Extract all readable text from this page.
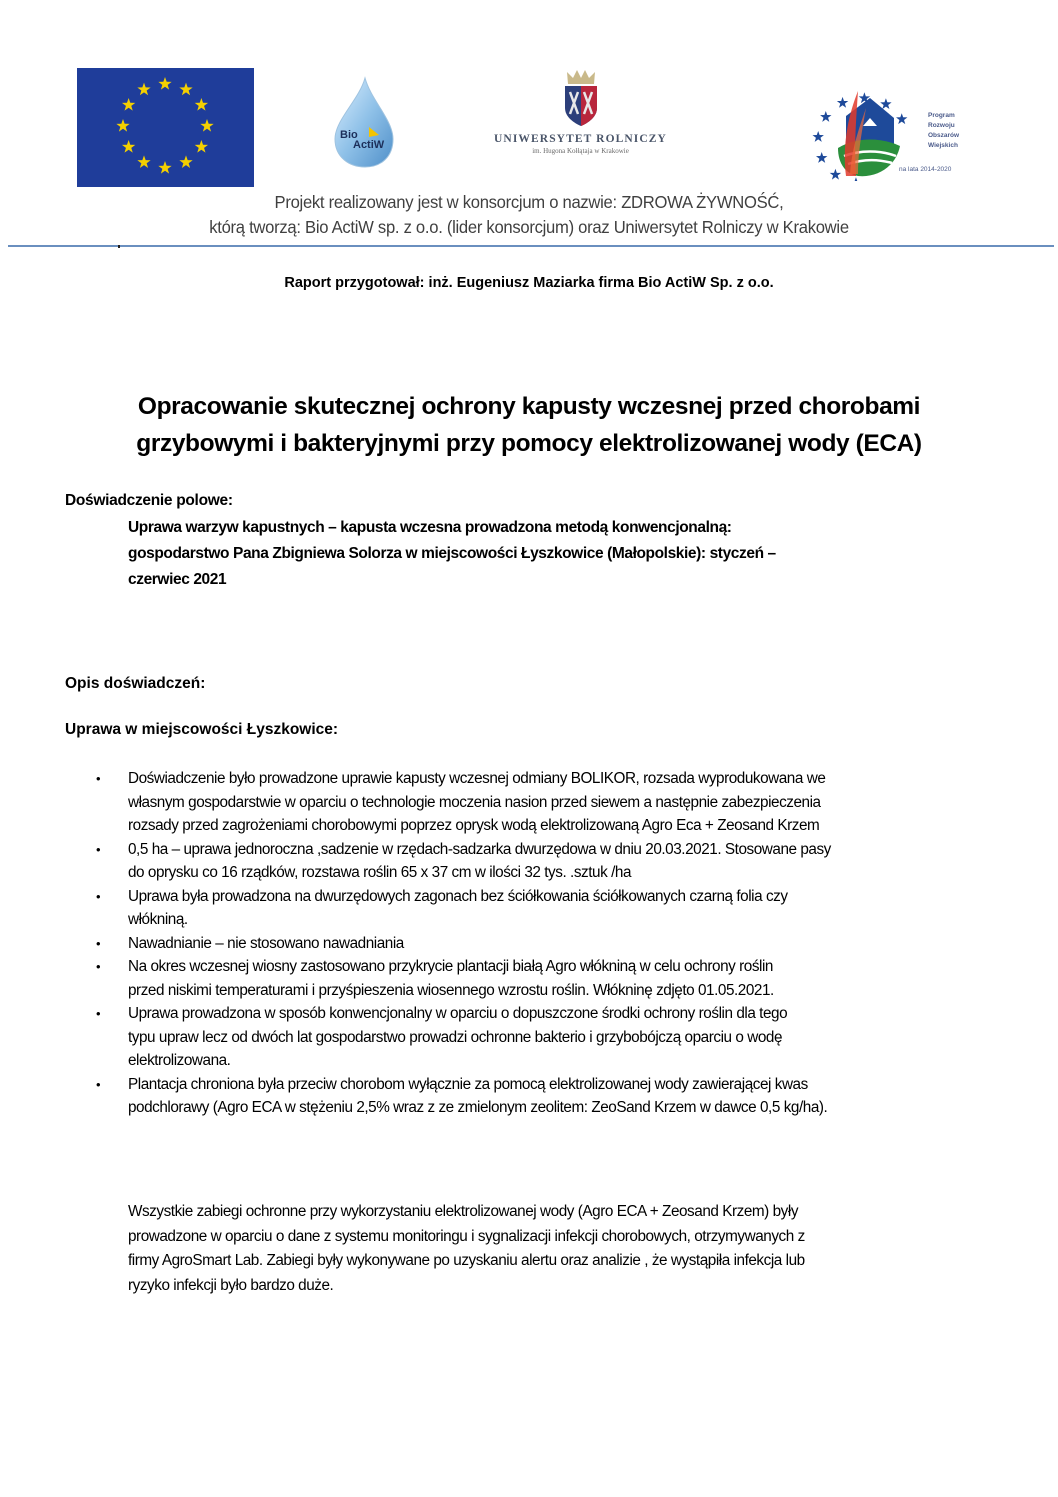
Bio
ActiW	UNIWERSYTET ROLNICZY
im. Hugona Kołłątaja w Krakowie
Program
Rozwoju
Obszarów
Wiejskich
na lata 2014-2020
Projekt realizowany jest w konsorcjum o nazwie: ZDROWA ŻYWNOŚĆ,
którą tworzą: Bio ActiW sp. z o.o. (lider konsorcjum) oraz Uniwersytet Rolniczy w Krakowie
Raport przygotował: inż. Eugeniusz Maziarka firma Bio ActiW Sp. z o.o.
Opracowanie skutecznej ochrony kapusty wczesnej przed chorobami
grzybowymi i bakteryjnymi przy pomocy elektrolizowanej wody (ECA)
Doświadczenie polowe:
Uprawa warzyw kapustnych – kapusta wczesna prowadzona metodą konwencjonalną:
gospodarstwo Pana Zbigniewa Solorza w miejscowości Łyszkowice (Małopolskie): styczeń –
czerwiec 2021
Opis doświadczeń:
Uprawa w miejscowości Łyszkowice:
• Doświadczenie było prowadzone uprawie kapusty wczesnej odmiany BOLIKOR, rozsada wyprodukowana we
własnym gospodarstwie w oparciu o technologie moczenia nasion przed siewem a następnie zabezpieczenia
rozsady przed zagrożeniami chorobowymi poprzez oprysk wodą elektrolizowaną Agro Eca + Zeosand Krzem
• 0,5 ha – uprawa jednoroczna ,sadzenie w rzędach-sadzarka dwurzędowa w dniu 20.03.2021. Stosowane pasy
do oprysku co 16 rządków, rozstawa roślin 65 x 37 cm w ilości 32 tys. .sztuk /ha
• Uprawa była prowadzona na dwurzędowych zagonach bez ściółkowania ściółkowanych czarną folia czy
włókniną.
• Nawadnianie – nie stosowano nawadniania
• Na okres wczesnej wiosny zastosowano przykrycie plantacji białą Agro włókniną w celu ochrony roślin
przed niskimi temperaturami i przyśpieszenia wiosennego wzrostu roślin. Włókninę zdjęto 01.05.2021.
• Uprawa prowadzona w sposób konwencjonalny w oparciu o dopuszczone środki ochrony roślin dla tego
typu upraw lecz od dwóch lat gospodarstwo prowadzi ochronne bakterio i grzybobójczą oparciu o wodę
elektrolizowana.
• Plantacja chroniona była przeciw chorobom wyłącznie za pomocą elektrolizowanej wody zawierającej kwas
podchlorawy (Agro ECA w stężeniu 2,5% wraz z ze zmielonym zeolitem: ZeoSand Krzem w dawce 0,5 kg/ha).
Wszystkie zabiegi ochronne przy wykorzystaniu elektrolizowanej wody (Agro ECA + Zeosand Krzem) były
prowadzone w oparciu o dane z systemu monitoringu i sygnalizacji infekcji chorobowych, otrzymywanych z
firmy AgroSmart Lab. Zabiegi były wykonywane po uzyskaniu alertu oraz analizie , że wystąpiła infekcja lub
ryzyko infekcji było bardzo duże.
